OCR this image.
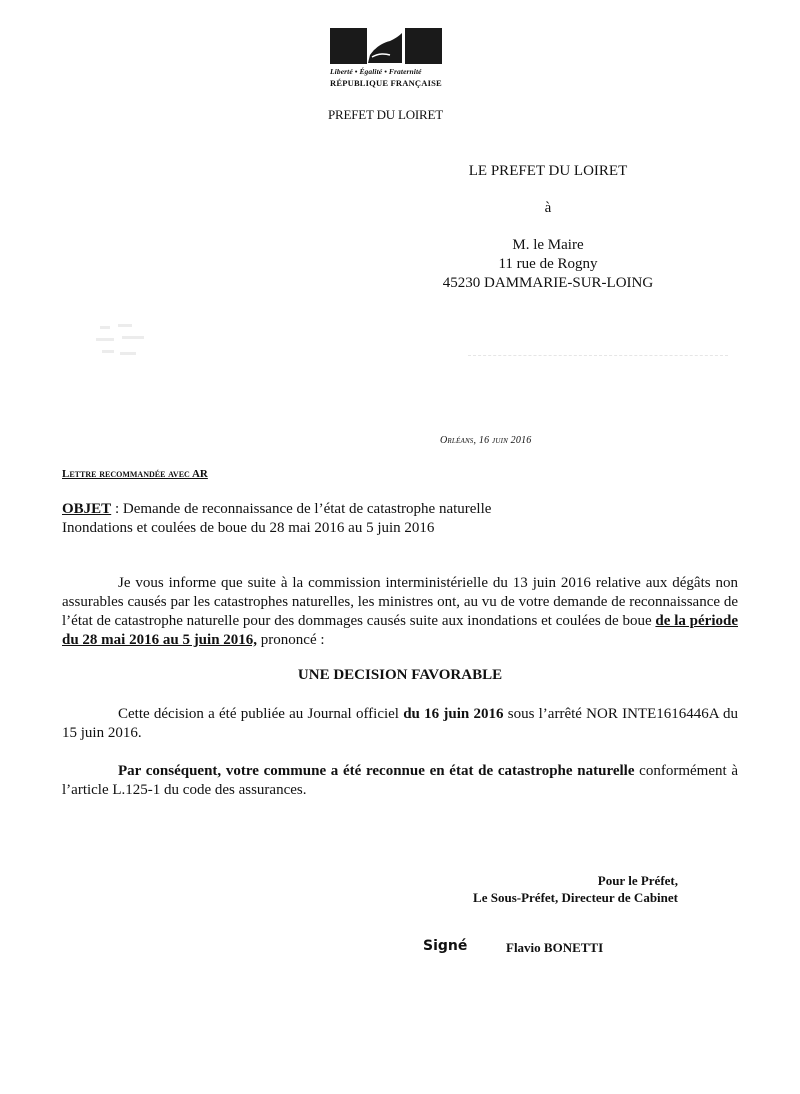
Liberté • Égalité • Fraternité
RÉPUBLIQUE FRANÇAISE
PREFET DU LOIRET
LE PREFET DU LOIRET
à
M. le Maire
11 rue de Rogny
45230 DAMMARIE-SUR-LOING
Orléans, 16 juin 2016
Lettre recommandée avec AR
OBJET : Demande de reconnaissance de l’état de catastrophe naturelle
Inondations et coulées de boue du 28 mai 2016 au 5 juin 2016
Je vous informe que suite à la commission interministérielle du 13 juin 2016 relative aux dégâts non assurables causés par les catastrophes naturelles, les ministres ont, au vu de votre demande de reconnaissance de l’état de catastrophe naturelle pour des dommages causés suite aux inondations et coulées de boue de la période du 28 mai 2016 au 5 juin 2016, prononcé :
UNE DECISION FAVORABLE
Cette décision a été publiée au Journal officiel du 16 juin 2016 sous l’arrêté NOR INTE1616446A du 15 juin 2016.
Par conséquent, votre commune a été reconnue en état de catastrophe naturelle conformément à l’article L.125-1 du code des assurances.
Pour le Préfet,
Le Sous-Préfet, Directeur de Cabinet
Signé	Flavio BONETTI
